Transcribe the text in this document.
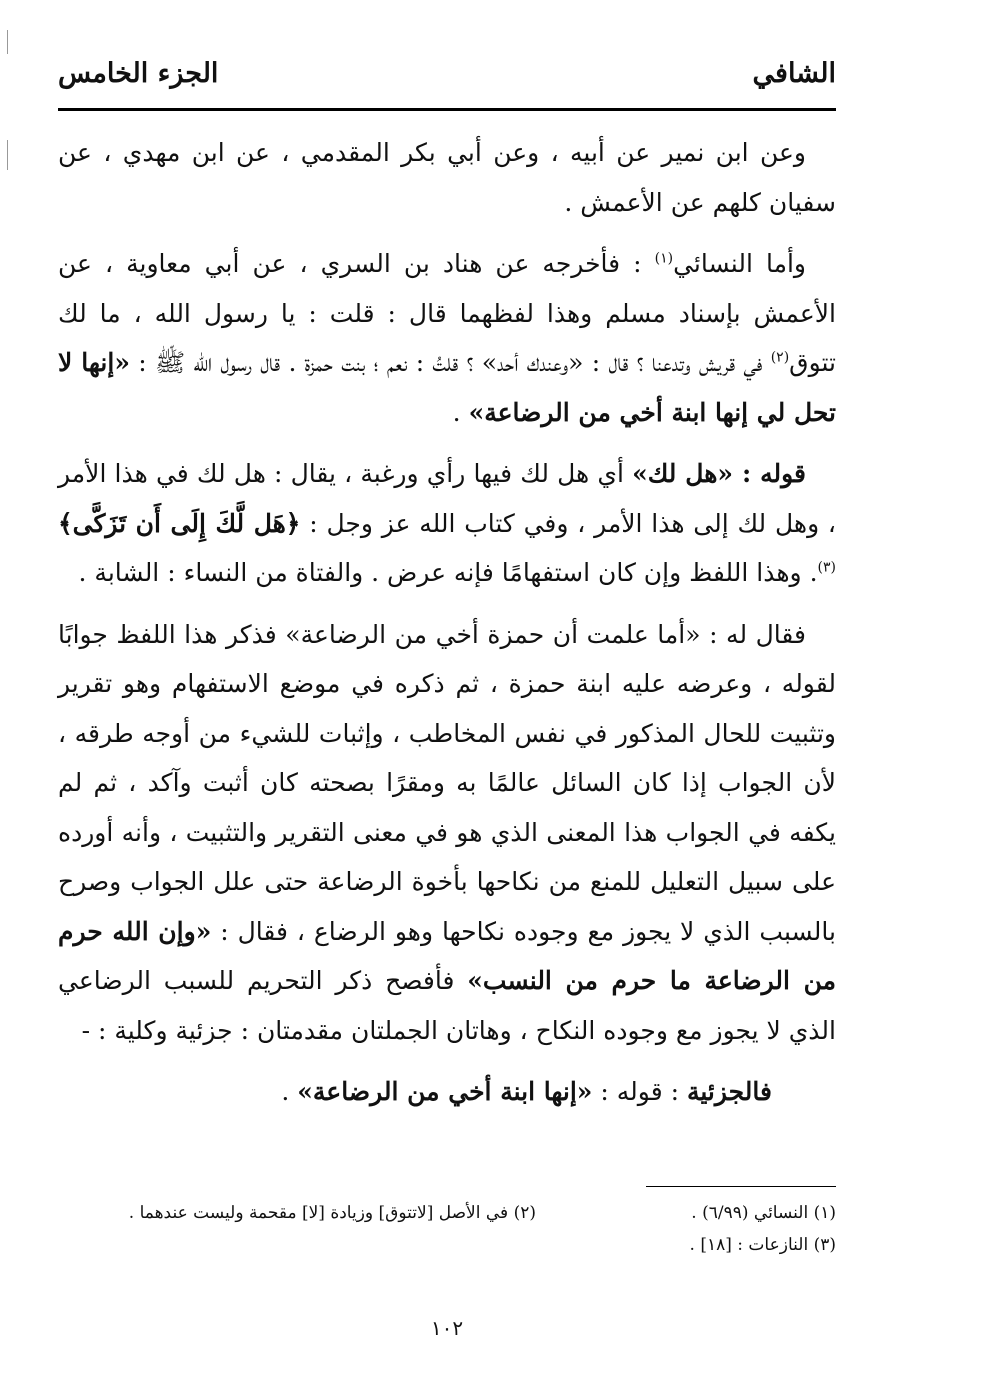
الشافي
الجزء الخامس

وعن ابن نمير عن أبيه ، وعن أبي بكر المقدمي ، عن ابن مهدي ، عن سفيان كلهم عن الأعمش .

وأما النسائي$^{(١)}$ : فأخرجه عن هناد بن السري ، عن أبي معاوية ، عن الأعمش بإسناد مسلم وهذا لفظهما قال : قلت : يا رسول الله ، ما لك تتوق$^{(٢)}$ في قريش وتدعنا ؟ قال : «وعندك أحد» ؟ قلتُ : نعم ؛ بنت حمزة . قال رسول الله ﷺ : «إنها لا تحل لي إنها ابنة أخي من الرضاعة» .

قوله : «هل لك» أي هل لك فيها رأي ورغبة ، يقال : هل لك في هذا الأمر ، وهل لك إلى هذا الأمر ، وفي كتاب الله عز وجل : ﴿هَل لَّكَ إِلَى أَن تَزَكَّى﴾$^{(٣)}$. وهذا اللفظ وإن كان استفهامًا فإنه عرض . والفتاة من النساء : الشابة .

فقال له : «أما علمت أن حمزة أخي من الرضاعة» فذكر هذا اللفظ جوابًا لقوله ، وعرضه عليه ابنة حمزة ، ثم ذكره في موضع الاستفهام وهو تقرير وتثبيت للحال المذكور في نفس المخاطب ، وإثبات للشيء من أوجه طرقه ، لأن الجواب إذا كان السائل عالمًا به ومقرًا بصحته كان أثبت وآكد ، ثم لم يكفه في الجواب هذا المعنى الذي هو في معنى التقرير والتثبيت ، وأنه أورده على سبيل التعليل للمنع من نكاحها بأخوة الرضاعة حتى علل الجواب وصرح بالسبب الذي لا يجوز مع وجوده نكاحها وهو الرضاع ، فقال : «وإن الله حرم من الرضاعة ما حرم من النسب» فأفصح ذكر التحريم للسبب الرضاعي الذي لا يجوز مع وجوده النكاح ، وهاتان الجملتان مقدمتان : جزئية وكلية : -

فالجزئية : قوله : «إنها ابنة أخي من الرضاعة» .

(١) النسائي (٦/٩٩) .
(٢) في الأصل [لاتتوق] وزيادة [لا] مقحمة وليست عندهما .
(٣) النازعات : [١٨] .
١٠٢
